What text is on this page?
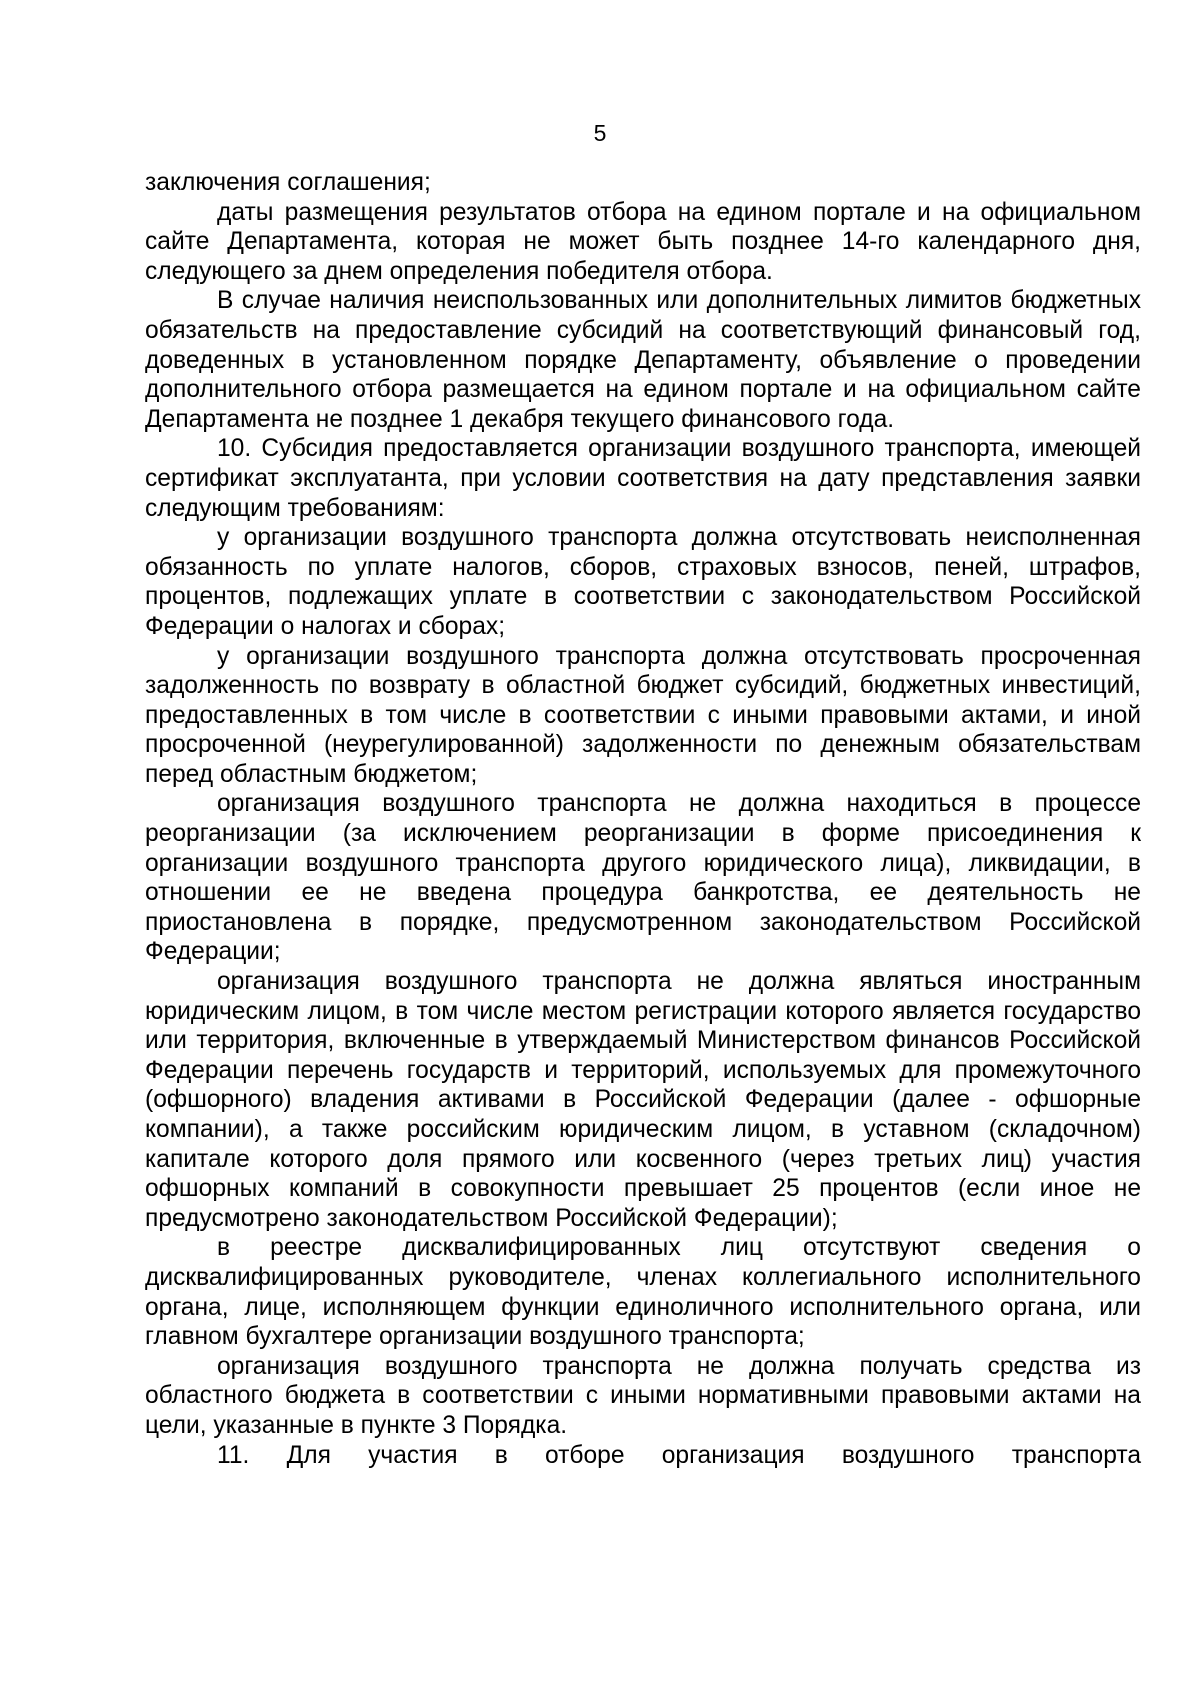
5

заключения соглашения;

даты размещения результатов отбора на едином портале и на официальном сайте Департамента, которая не может быть позднее 14-го календарного дня, следующего за днем определения победителя отбора.

В случае наличия неиспользованных или дополнительных лимитов бюджетных обязательств на предоставление субсидий на соответствующий финансовый год, доведенных в установленном порядке Департаменту, объявление о проведении дополнительного отбора размещается на едином портале и на официальном сайте Департамента не позднее 1 декабря текущего финансового года.

10. Субсидия предоставляется организации воздушного транспорта, имеющей сертификат эксплуатанта, при условии соответствия на дату представления заявки следующим требованиям:

у организации воздушного транспорта должна отсутствовать неисполненная обязанность по уплате налогов, сборов, страховых взносов, пеней, штрафов, процентов, подлежащих уплате в соответствии с законодательством Российской Федерации о налогах и сборах;

у организации воздушного транспорта должна отсутствовать просроченная задолженность по возврату в областной бюджет субсидий, бюджетных инвестиций, предоставленных в том числе в соответствии с иными правовыми актами, и иной просроченной (неурегулированной) задолженности по денежным обязательствам перед областным бюджетом;

организация воздушного транспорта не должна находиться в процессе реорганизации (за исключением реорганизации в форме присоединения к организации воздушного транспорта другого юридического лица), ликвидации, в отношении ее не введена процедура банкротства, ее деятельность не приостановлена в порядке, предусмотренном законодательством Российской Федерации;

организация воздушного транспорта не должна являться иностранным юридическим лицом, в том числе местом регистрации которого является государство или территория, включенные в утверждаемый Министерством финансов Российской Федерации перечень государств и территорий, используемых для промежуточного (офшорного) владения активами в Российской Федерации (далее - офшорные компании), а также российским юридическим лицом, в уставном (складочном) капитале которого доля прямого или косвенного (через третьих лиц) участия офшорных компаний в совокупности превышает 25 процентов (если иное не предусмотрено законодательством Российской Федерации);

в реестре дисквалифицированных лиц отсутствуют сведения о дисквалифицированных руководителе, членах коллегиального исполнительного органа, лице, исполняющем функции единоличного исполнительного органа, или главном бухгалтере организации воздушного транспорта;

организация воздушного транспорта не должна получать средства из областного бюджета в соответствии с иными нормативными правовыми актами на цели, указанные в пункте 3 Порядка.

11. Для участия в отборе организация воздушного транспорта
